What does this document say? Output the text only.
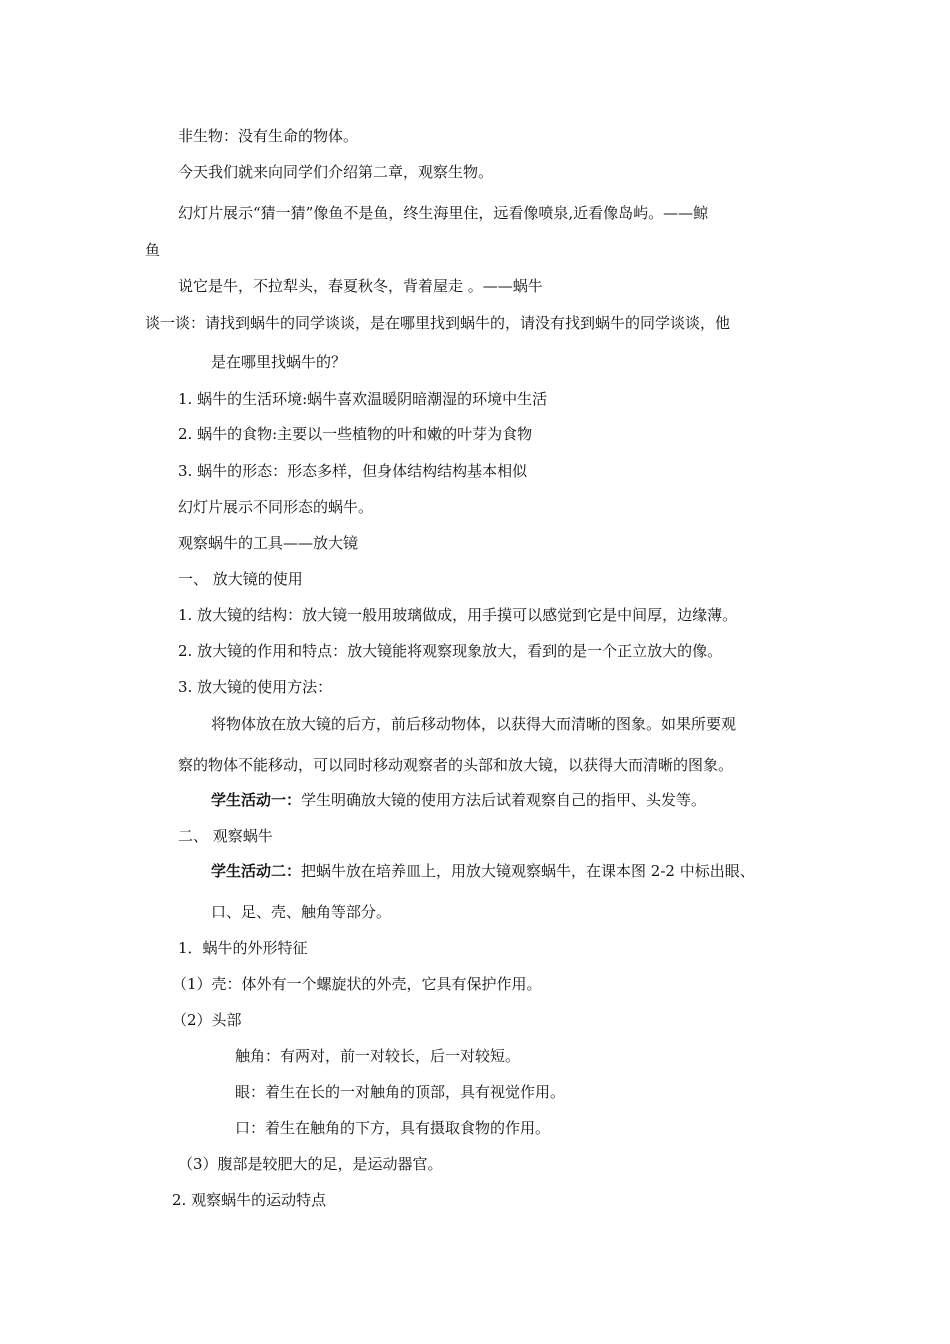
非生物：没有生命的物体。
今天我们就来向同学们介绍第二章，观察生物。
幻灯片展示“猜一猜”像鱼不是鱼，终生海里住，远看像喷泉,近看像岛屿。——鲸
鱼
说它是牛，不拉犁头，春夏秋冬，背着屋走 。——蜗牛
谈一谈：请找到蜗牛的同学谈谈，是在哪里找到蜗牛的，请没有找到蜗牛的同学谈谈，他
是在哪里找蜗牛的？
1. 蜗牛的生活环境:蜗牛喜欢温暖阴暗潮湿的环境中生活
2. 蜗牛的食物:主要以一些植物的叶和嫩的叶芽为食物
3. 蜗牛的形态：形态多样，但身体结构结构基本相似
幻灯片展示不同形态的蜗牛。
观察蜗牛的工具——放大镜
一、 放大镜的使用
1. 放大镜的结构：放大镜一般用玻璃做成，用手摸可以感觉到它是中间厚，边缘薄。
2. 放大镜的作用和特点：放大镜能将观察现象放大，看到的是一个正立放大的像。
3. 放大镜的使用方法：
将物体放在放大镜的后方，前后移动物体，以获得大而清晰的图象。如果所要观
察的物体不能移动，可以同时移动观察者的头部和放大镜，以获得大而清晰的图象。
学生活动一：学生明确放大镜的使用方法后试着观察自己的指甲、头发等。
二、 观察蜗牛
学生活动二：把蜗牛放在培养皿上，用放大镜观察蜗牛，在课本图 2-2 中标出眼、
口、足、壳、触角等部分。
1．蜗牛的外形特征
（1）壳：体外有一个螺旋状的外壳，它具有保护作用。
（2）头部
触角：有两对，前一对较长，后一对较短。
眼：着生在长的一对触角的顶部，具有视觉作用。
口：着生在触角的下方，具有摄取食物的作用。
（3）腹部是较肥大的足，是运动器官。
2. 观察蜗牛的运动特点
